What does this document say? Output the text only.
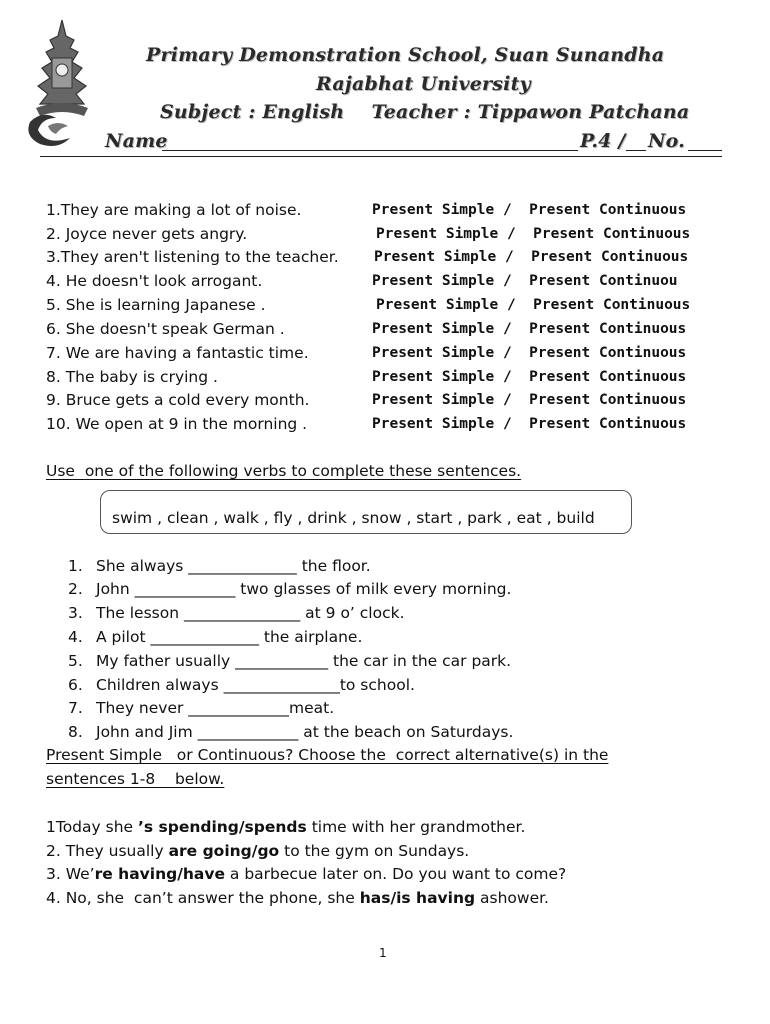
Primary Demonstration School, Suan Sunandha
Rajabhat University
Subject : English    Teacher : Tippawon Patchana
Name	P.4 / No.
1.They are making a lot of noise.	Present Simple /  Present Continuous
2. Joyce never gets angry.	Present Simple /  Present Continuous
3.They aren't listening to the teacher. Present Simple /  Present Continuous
4. He doesn't look arrogant.	Present Simple /  Present Continuou
5. She is learning Japanese .	Present Simple /  Present Continuous
6. She doesn't speak German .	Present Simple /  Present Continuous
7. We are having a fantastic time.	Present Simple /  Present Continuous
8. The baby is crying .	Present Simple /  Present Continuous
9. Bruce gets a cold every month.	Present Simple /  Present Continuous
10. We open at 9 in the morning .	Present Simple /  Present Continuous
Use one of the following verbs to complete these sentences.
swim , clean , walk , fly , drink , snow , start , park , eat , build
1. She always ______________ the floor.
2. John _____________ two glasses of milk every morning.
3. The lesson _______________ at 9 o’ clock.
4. A pilot ______________ the airplane.
5. My father usually ____________ the car in the car park.
6. Children always _______________to school.
7. They never _____________meat.
8. John and Jim _____________ at the beach on Saturdays.
Present Simple   or Continuous? Choose the  correct alternative(s) in the
sentences 1-8    below.
1Today she ’s spending/spends time with her grandmother.
2. They usually are going/go to the gym on Sundays.
3. We’re having/have a barbecue later on. Do you want to come?
4. No, she  can’t answer the phone, she has/is having ashower.
1
